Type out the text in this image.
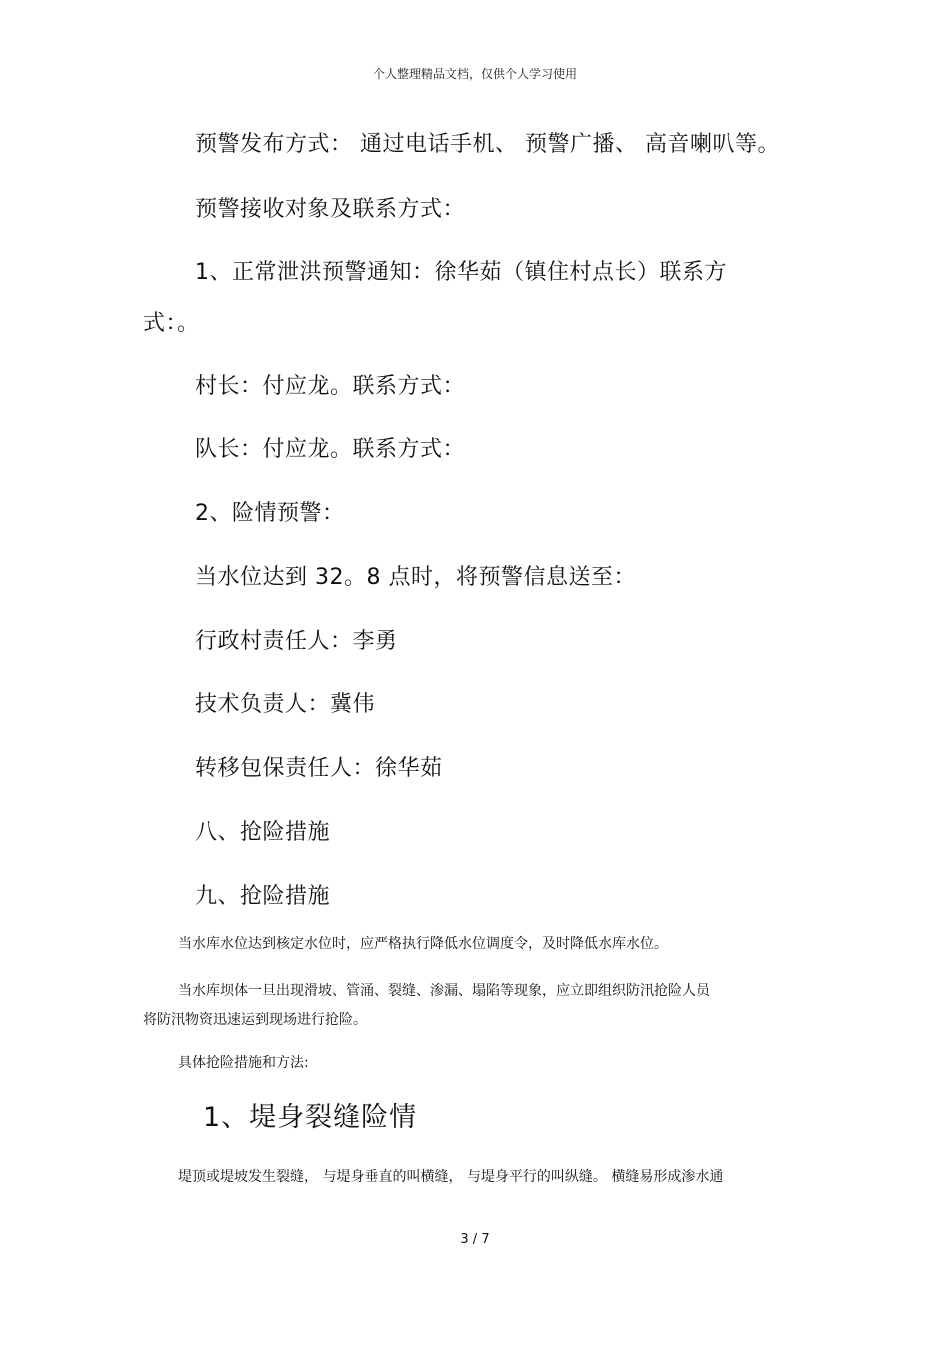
个人整理精品文档，仅供个人学习使用
预警发布方式： 通过电话手机、 预警广播、 高音喇叭等。
预警接收对象及联系方式：
1、正常泄洪预警通知：徐华茹（镇住村点长）联系方
式：。
村长：付应龙。联系方式：
队长：付应龙。联系方式：
2、险情预警：
当水位达到 32。8 点时，将预警信息送至：
行政村责任人：李勇
技术负责人：冀伟
转移包保责任人：徐华茹
八、抢险措施
九、抢险措施
当水库水位达到核定水位时，应严格执行降低水位调度令，及时降低水库水位。
当水库坝体一旦出现滑坡、管涌、裂缝、渗漏、塌陷等现象，应立即组织防汛抢险人员
将防汛物资迅速运到现场进行抢险。
具体抢险措施和方法:
1、堤身裂缝险情
堤顶或堤坡发生裂缝， 与堤身垂直的叫横缝， 与堤身平行的叫纵缝。 横缝易形成渗水通
3 / 7
